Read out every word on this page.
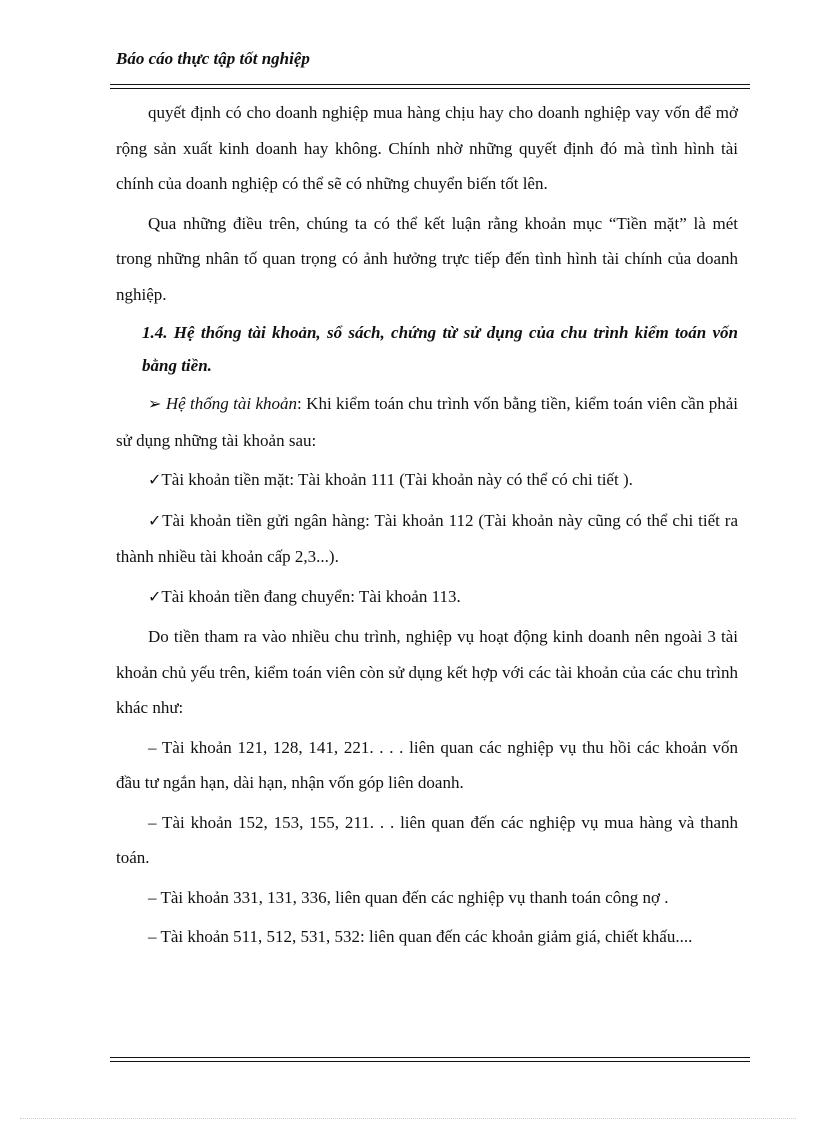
Báo cáo thực tập tốt nghiệp

quyết định có cho doanh nghiệp mua hàng chịu hay cho doanh nghiệp vay vốn để mở rộng sản xuất kinh doanh hay không. Chính nhờ những quyết định đó mà tình hình tài chính của doanh nghiệp có thể sẽ có những chuyển biến tốt lên.

Qua những điều trên, chúng ta có thể kết luận rằng khoản mục “Tiền mặt” là mét trong những nhân tố quan trọng có ảnh hưởng trực tiếp đến tình hình tài chính của doanh nghiệp.

1.4. Hệ thống tài khoản, sổ sách, chứng từ sử dụng của chu trình kiểm toán vốn bằng tiền.

➢ Hệ thống tài khoản: Khi kiểm toán chu trình vốn bằng tiền, kiểm toán viên cần phải sử dụng những tài khoản sau:

✓Tài khoản tiền mặt: Tài khoản 111 (Tài khoản này có thể có chi tiết ).

✓Tài khoản tiền gửi ngân hàng: Tài khoản 112 (Tài khoản này cũng có thể chi tiết ra thành nhiều tài khoản cấp 2,3...).

✓Tài khoản tiền đang chuyển: Tài khoản 113.

Do tiền tham ra vào nhiều chu trình, nghiệp vụ hoạt động kinh doanh nên ngoài 3 tài khoản chủ yếu trên, kiểm toán viên còn sử dụng kết hợp với các tài khoản của các chu trình khác như:

– Tài khoản 121, 128, 141, 221. . . . liên quan các nghiệp vụ thu hồi các khoản vốn đầu tư ngắn hạn, dài hạn, nhận vốn góp liên doanh.

– Tài khoản 152, 153, 155, 211. . . liên quan đến các nghiệp vụ mua hàng và thanh toán.

– Tài khoản 331, 131, 336, liên quan đến các nghiệp vụ thanh toán công nợ .

– Tài khoản 511, 512, 531, 532: liên quan đến các khoản giảm giá, chiết khấu....
